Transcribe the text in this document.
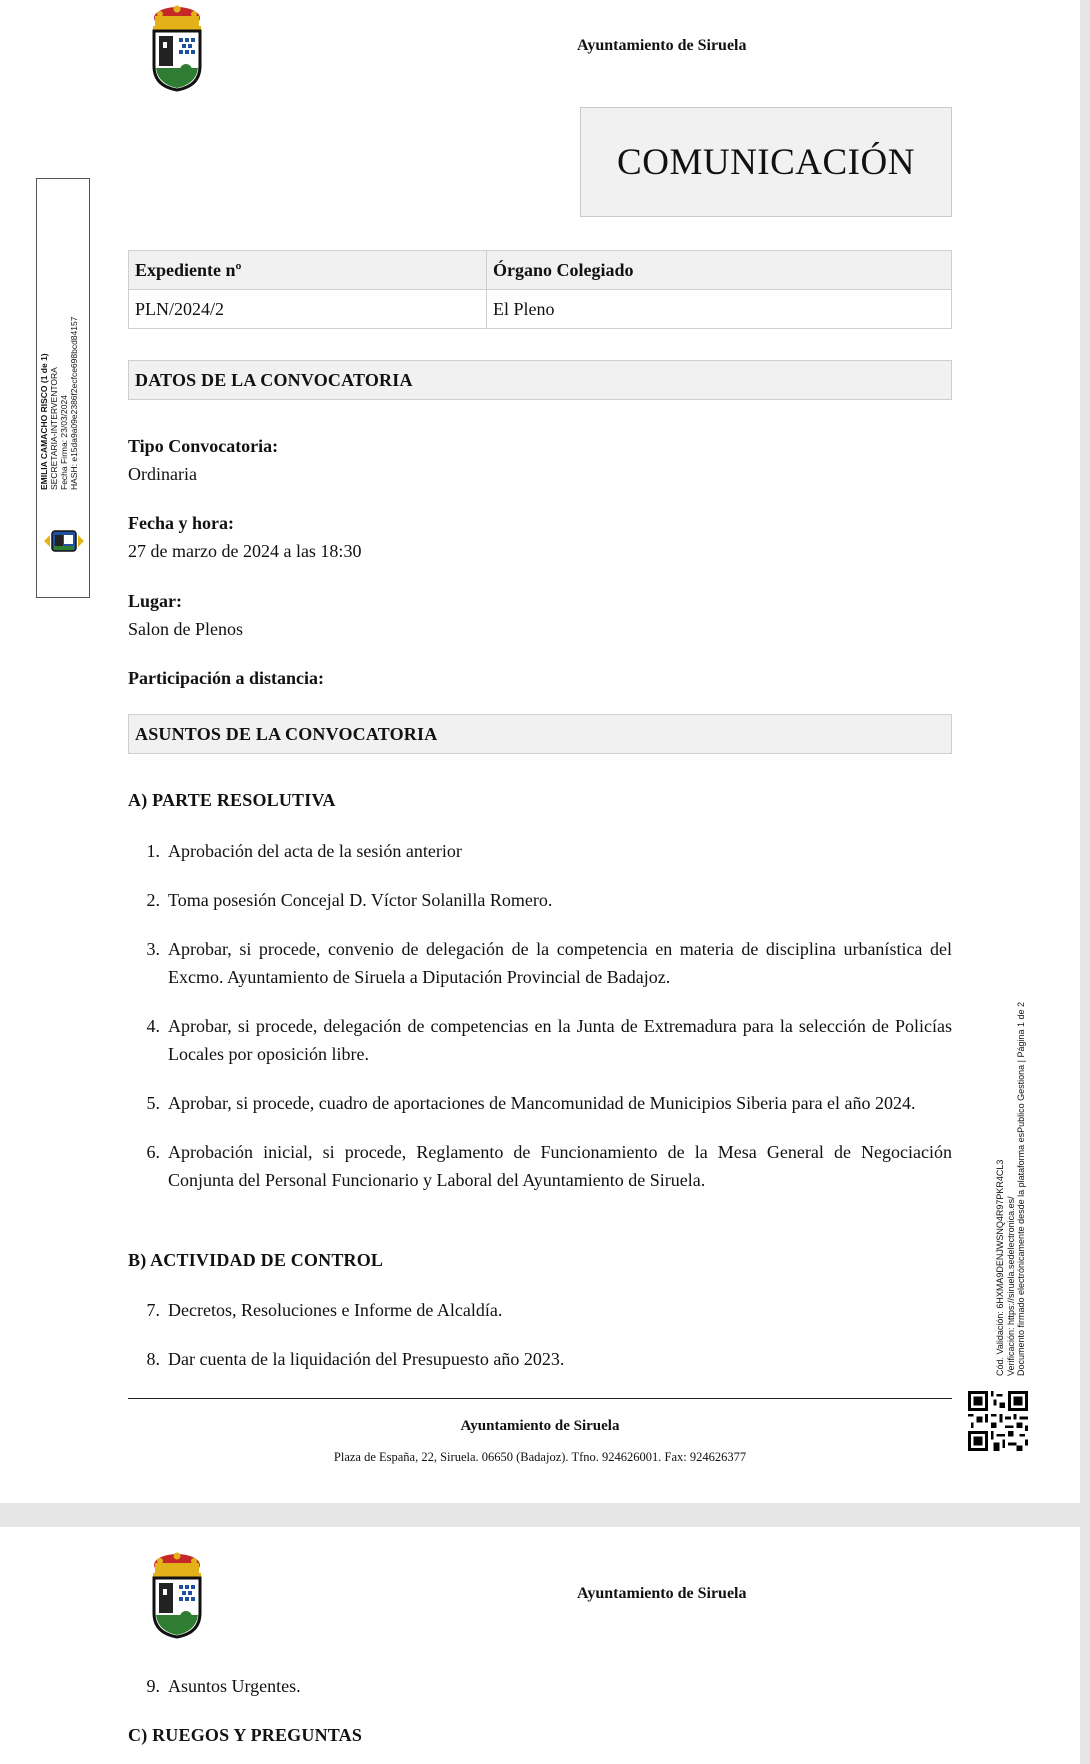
Ayuntamiento de Siruela
COMUNICACIÓN
Expediente nº	Órgano Colegiado
PLN/2024/2	El Pleno
DATOS DE LA CONVOCATORIA
Tipo Convocatoria:
Ordinaria
Fecha y hora:
27 de marzo de 2024 a las 18:30
Lugar:
Salon de Plenos
Participación a distancia:
ASUNTOS DE LA CONVOCATORIA
A) PARTE RESOLUTIVA
1. Aprobación del acta de la sesión anterior
2. Toma posesión Concejal D. Víctor Solanilla Romero.
3. Aprobar, si procede, convenio de delegación de la competencia en materia de disciplina urbanística del Excmo. Ayuntamiento de Siruela a Diputación Provincial de Badajoz.
4. Aprobar, si procede, delegación de competencias en la Junta de Extremadura para la selección de Policías Locales por oposición libre.
5. Aprobar, si procede, cuadro de aportaciones de Mancomunidad de Municipios Siberia para el año 2024.
6. Aprobación inicial, si procede, Reglamento de Funcionamiento de la Mesa General de Negociación Conjunta del Personal Funcionario y Laboral del Ayuntamiento de Siruela.
B) ACTIVIDAD DE CONTROL
7. Decretos, Resoluciones e Informe de Alcaldía.
8. Dar cuenta de la liquidación del Presupuesto año 2023.
Ayuntamiento de Siruela
Plaza de España, 22, Siruela. 06650 (Badajoz). Tfno. 924626001. Fax: 924626377
EMILIA CAMACHO RISCO (1 de 1) SECRETARIA-INTERVENTORA Fecha Firma: 23/03/2024 HASH: e15da9a09e2386f2ecfce698bcd84157
Cód. Validación: 6HXMA9DENJWSNQ4R97PKR4CL3 Verificación: https://siruela.sedelectronica.es/ Documento firmado electrónicamente desde la plataforma esPublico Gestiona | Página 1 de 2
Ayuntamiento de Siruela
9. Asuntos Urgentes.
C) RUEGOS Y PREGUNTAS
